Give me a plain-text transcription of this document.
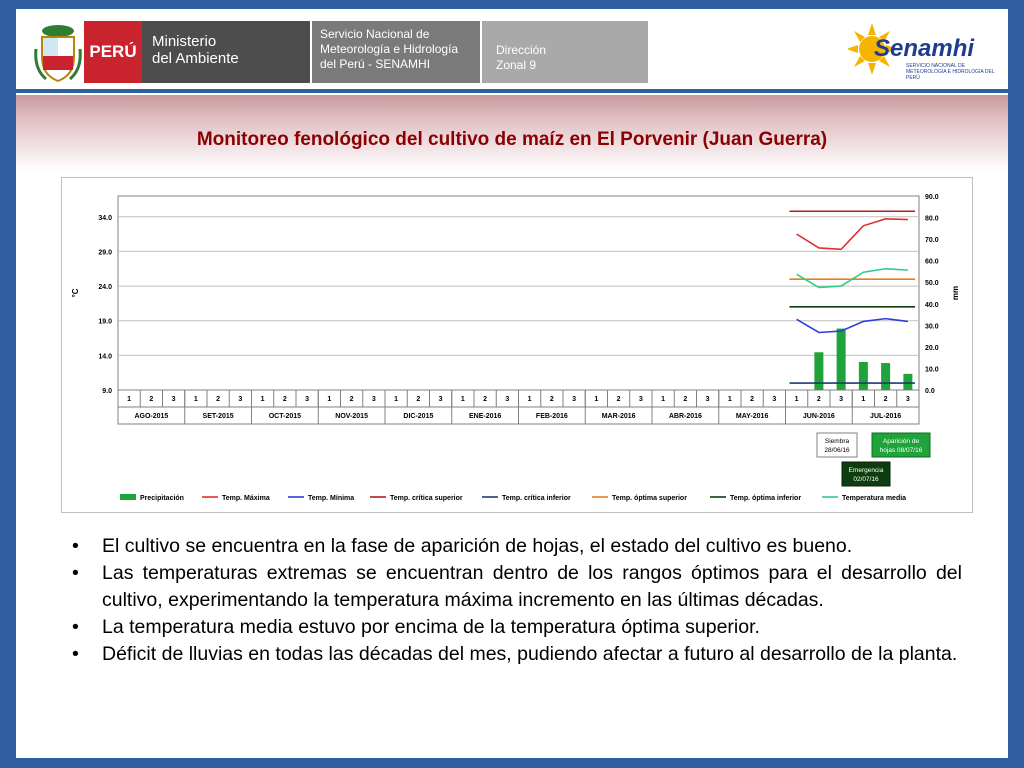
PERÚ
Ministerio
del Ambiente
Servicio Nacional de
Meteorología e Hidrología
del Perú - SENAMHI
Dirección
Zonal 9
Senamhi
SERVICIO NACIONAL DE METEOROLOGÍA E HIDROLOGÍA DEL PERÚ
Monitoreo fenológico del cultivo de maíz en El Porvenir (Juan Guerra)
34.0
29.0
24.0
19.0
14.0
9.0
90.0
80.0
70.0
60.0
50.0
40.0
30.0
20.0
10.0
0.0
°C	mm
1	2	3
AGO-2015
1	2	3
SET-2015
1	2	3
OCT-2015
1	2	3
NOV-2015
1	2	3
DIC-2015
1	2	3
ENE-2016
1	2	3
FEB-2016
1	2	3
MAR-2016
1	2	3
ABR-2016
1	2	3
MAY-2016
1	2	3
JUN-2016
1	2	3
JUL-2016
Siembra
28/06/16
Aparición de
hojas 08/07/16
Emergencia
02/07/16
Precipitación	Temp. Máxima	Temp. Mínima	Temp. crítica superior	Temp. crítica inferior	Temp. óptima superior	Temp. óptima inferior	Temperatura media
• El cultivo se encuentra en la fase de aparición de hojas, el estado del cultivo es bueno.
• Las temperaturas extremas se encuentran dentro de los rangos óptimos para el desarrollo del cultivo, experimentando la temperatura máxima incremento en las últimas décadas.
• La temperatura media estuvo por encima de la temperatura óptima superior.
• Déficit de lluvias en todas las décadas del mes, pudiendo afectar a futuro al desarrollo de la planta.
